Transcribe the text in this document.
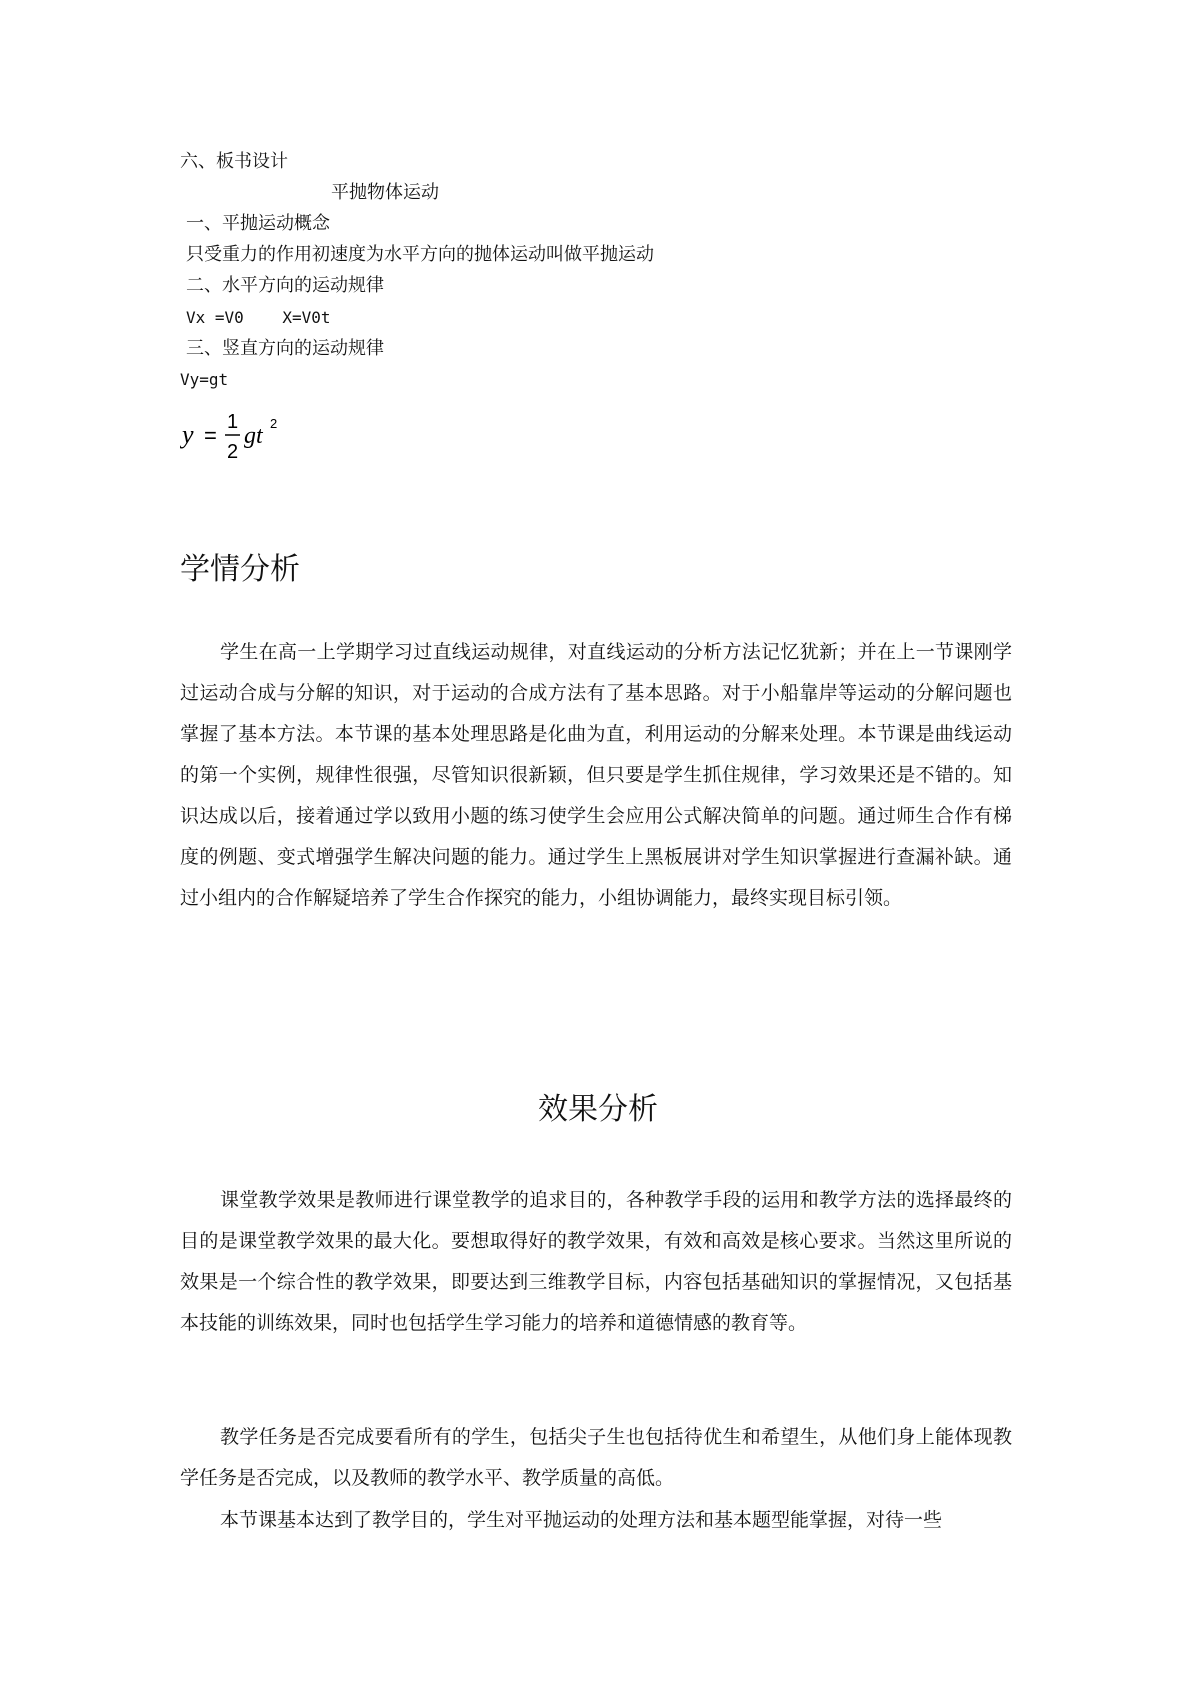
六、板书设计
平抛物体运动
一、平抛运动概念
只受重力的作用初速度为水平方向的抛体运动叫做平抛运动
二、水平方向的运动规律
Vx =V0    X=V0t
三、竖直方向的运动规律
Vy=gt
y =
1
2
gt 2
学情分析
学生在高一上学期学习过直线运动规律，对直线运动的分析方法记忆犹新；并在上一节课刚学过运动合成与分解的知识，对于运动的合成方法有了基本思路。对于小船靠岸等运动的分解问题也掌握了基本方法。本节课的基本处理思路是化曲为直，利用运动的分解来处理。本节课是曲线运动的第一个实例，规律性很强，尽管知识很新颖，但只要是学生抓住规律，学习效果还是不错的。知识达成以后，接着通过学以致用小题的练习使学生会应用公式解决简单的问题。通过师生合作有梯度的例题、变式增强学生解决问题的能力。通过学生上黑板展讲对学生知识掌握进行查漏补缺。通过小组内的合作解疑培养了学生合作探究的能力，小组协调能力，最终实现目标引领。
效果分析
课堂教学效果是教师进行课堂教学的追求目的，各种教学手段的运用和教学方法的选择最终的目的是课堂教学效果的最大化。要想取得好的教学效果，有效和高效是核心要求。当然这里所说的效果是一个综合性的教学效果，即要达到三维教学目标，内容包括基础知识的掌握情况，又包括基本技能的训练效果，同时也包括学生学习能力的培养和道德情感的教育等。
教学任务是否完成要看所有的学生，包括尖子生也包括待优生和希望生，从他们身上能体现教学任务是否完成，以及教师的教学水平、教学质量的高低。
本节课基本达到了教学目的，学生对平抛运动的处理方法和基本题型能掌握，对待一些
